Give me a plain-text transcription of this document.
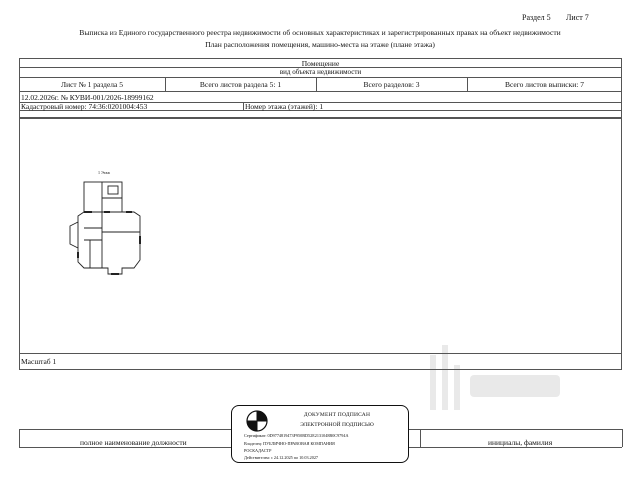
Раздел 5 Лист 7
Выписка из Единого государственного реестра недвижимости об основных характеристиках и зарегистрированных правах на объект недвижимости
План расположения помещения, машино-места на этаже (плане этажа)
Помещение
вид объекта недвижимости
Лист № 1 раздела 5	Всего листов раздела 5: 1	Всего разделов: 3	Всего листов выписки: 7
12.02.2026г. № КУВИ-001/2026-18999162
Кадастровый номер: 74:36:0201004:453	Номер этажа (этажей): 1
Масштаб 1
1 Этаж
полное наименование должности	инициалы, фамилия
ДОКУМЕНТ ПОДПИСАН
ЭЛЕКТРОННОЙ ПОДПИСЬЮ
Сертификат: 0D9774819473F950BD52E2131048B0C9794A
Владелец: ПУБЛИЧНО-ПРАВОВАЯ КОМПАНИЯ
РОСКАДАСТР
Действителен: с 24.12.2025 по 10.03.2027
